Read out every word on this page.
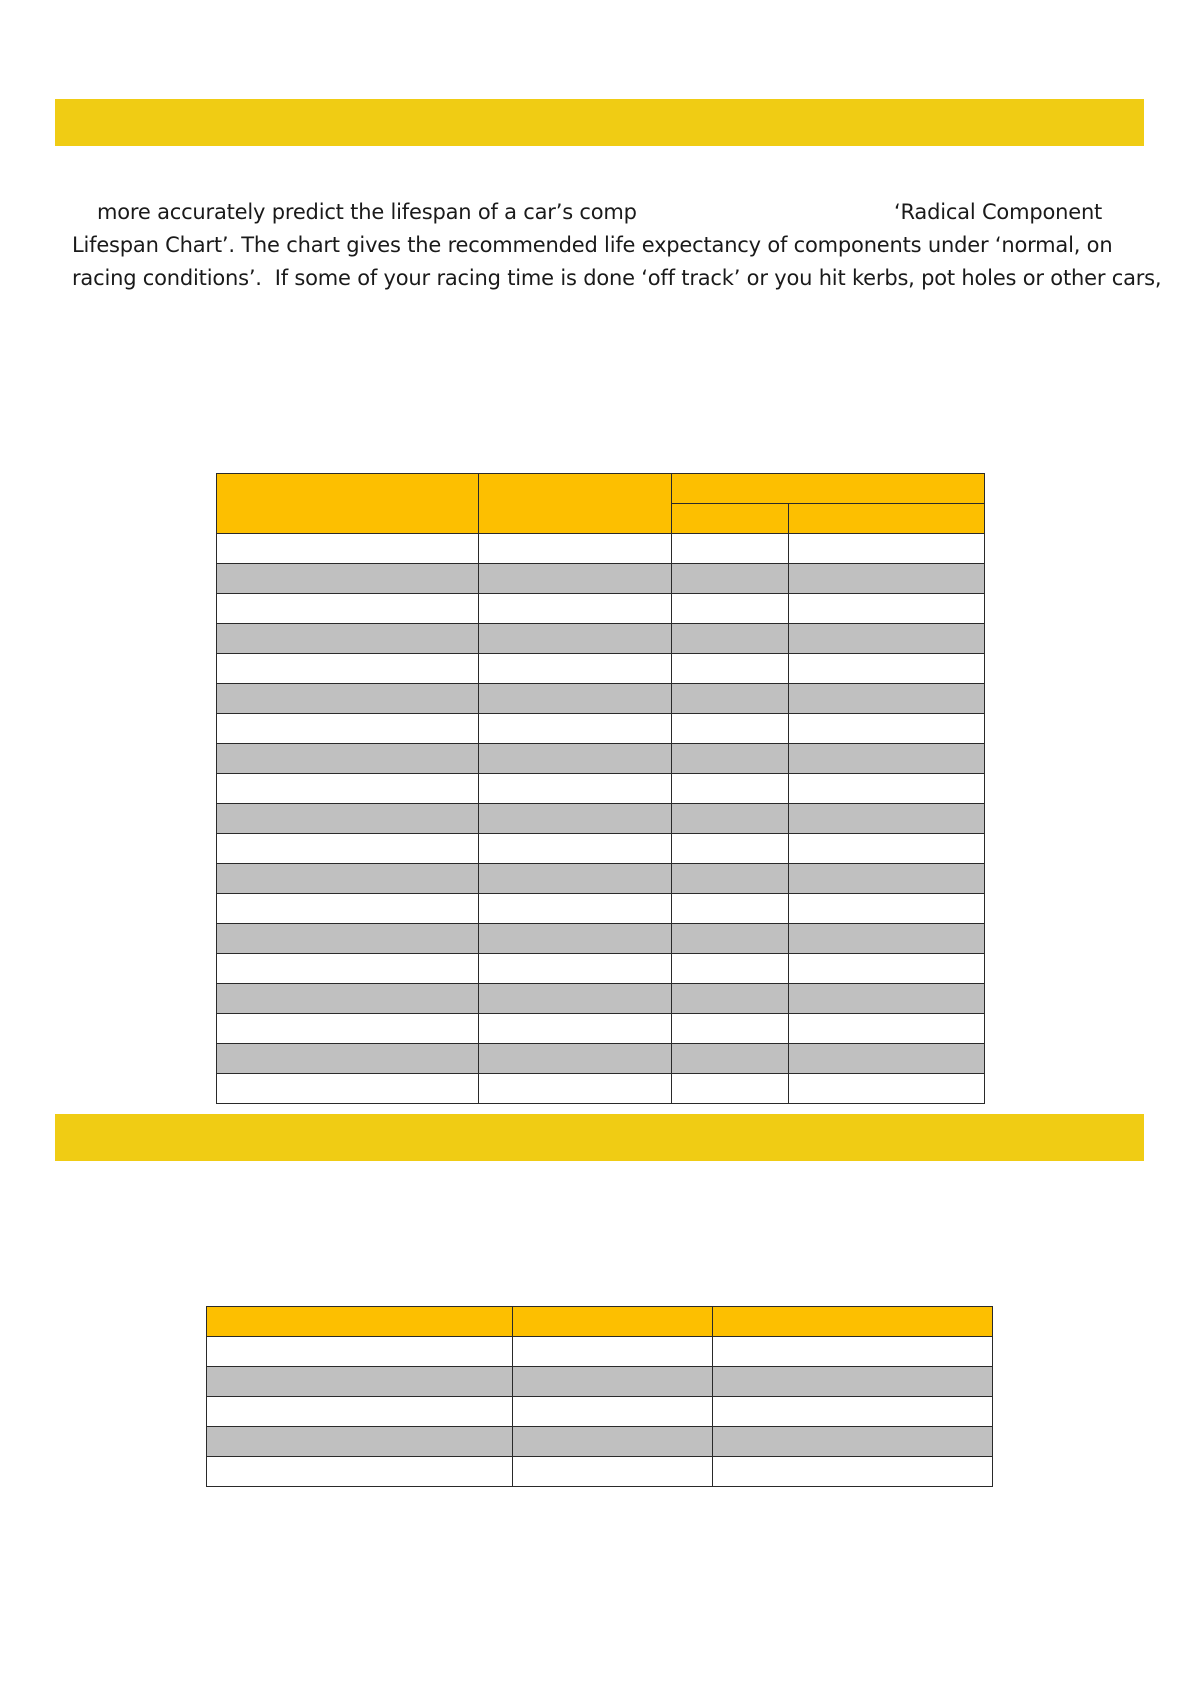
more accurately predict the lifespan of a car’s comp	‘Radical Component
Lifespan Chart’. The chart gives the recommended life expectancy of components under ‘normal, on
racing conditions’.  If some of your racing time is done ‘off track’ or you hit kerbs, pot holes or other cars,
